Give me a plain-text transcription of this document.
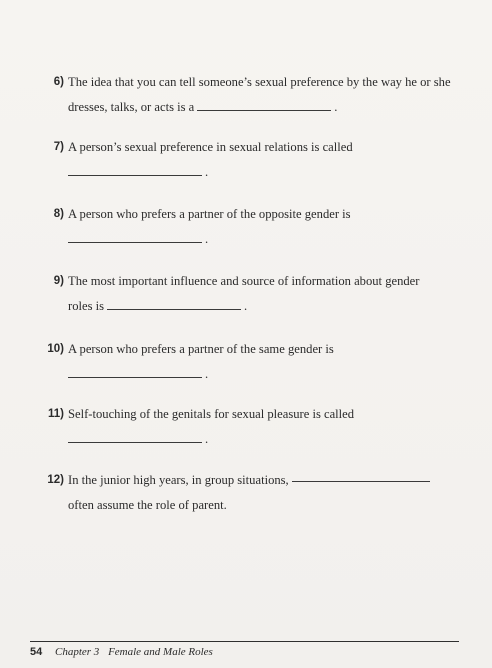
6) The idea that you can tell someone’s sexual preference by the way he or she
dresses, talks, or acts is a	.
7) A person’s sexual preference in sexual relations is called
.
8) A person who prefers a partner of the opposite gender is
.
9) The most important influence and source of information about gender
roles is	.
10) A person who prefers a partner of the same gender is
.
11) Self-touching of the genitals for sexual pleasure is called
.
12) In the junior high years, in group situations,
often assume the role of parent.
54 Chapter 3 Female and Male Roles
